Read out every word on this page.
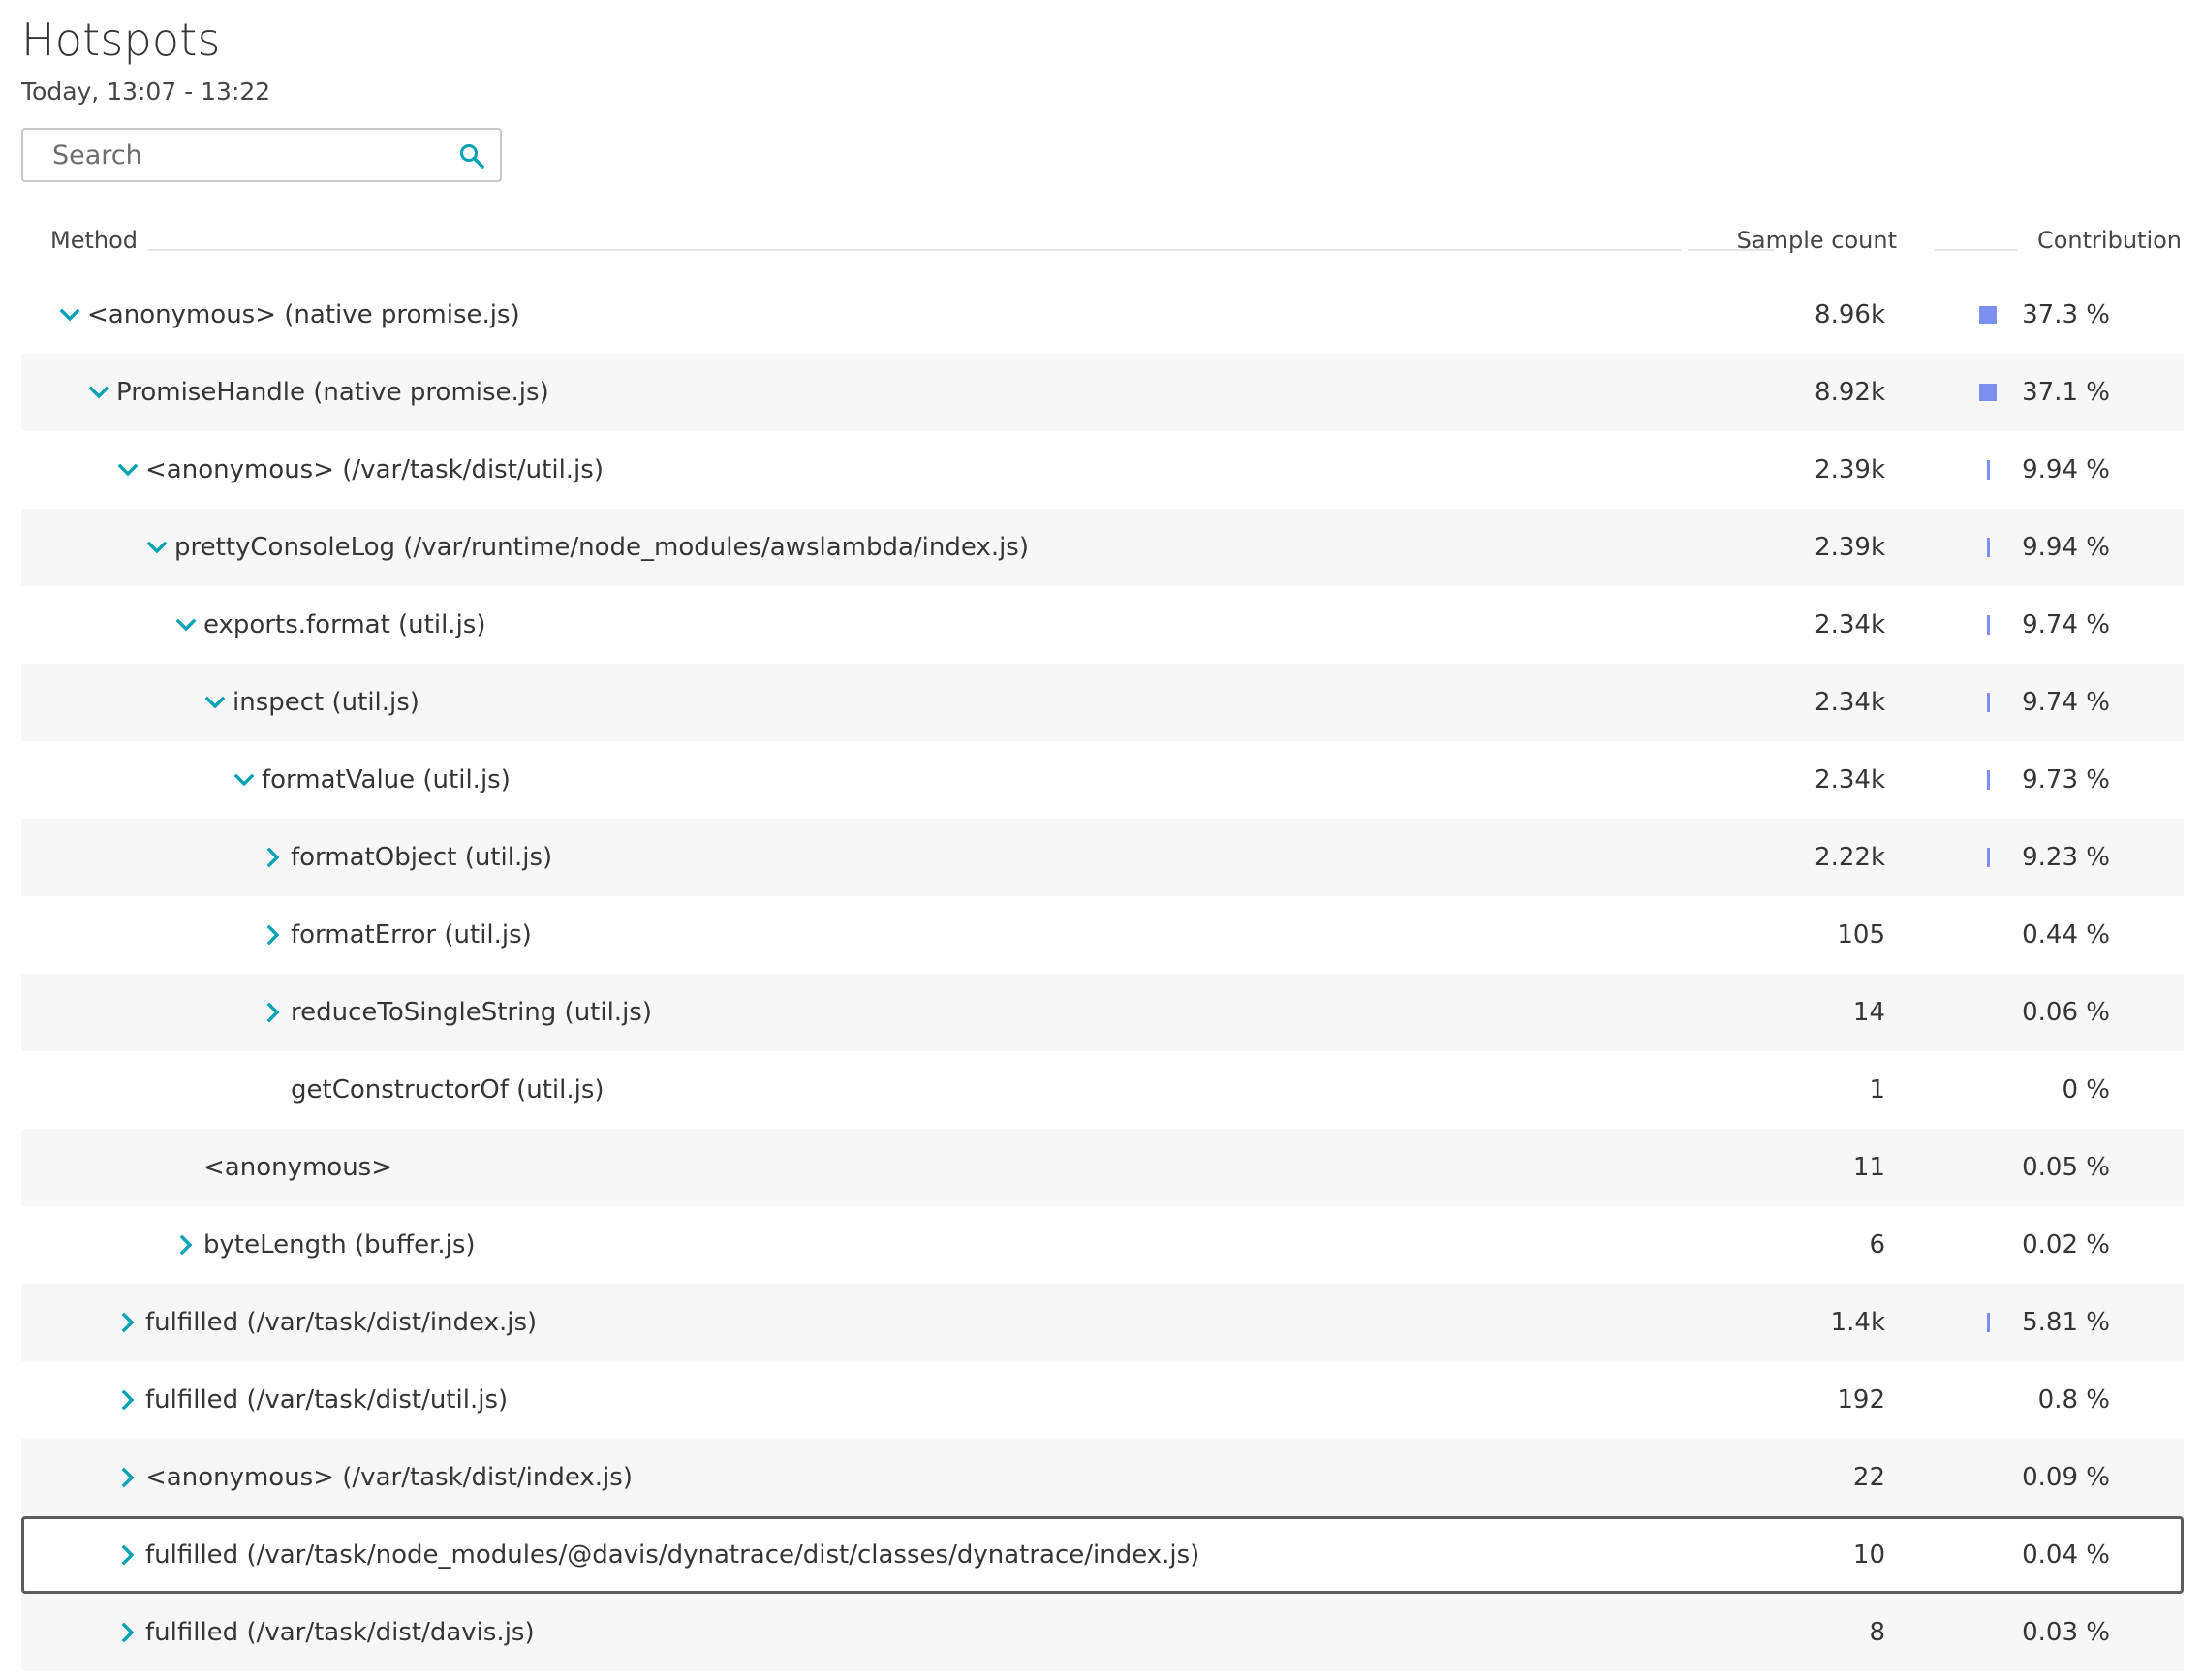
Hotspots
Today, 13:07 - 13:22
Search
Method	Sample count	Contribution
<anonymous> (native promise.js)	8.96k	37.3 %
PromiseHandle (native promise.js)	8.92k	37.1 %
<anonymous> (/var/task/dist/util.js)	2.39k	9.94 %
prettyConsoleLog (/var/runtime/node_modules/awslambda/index.js)	2.39k	9.94 %
exports.format (util.js)	2.34k	9.74 %
inspect (util.js)	2.34k	9.74 %
formatValue (util.js)	2.34k	9.73 %
formatObject (util.js)	2.22k	9.23 %
formatError (util.js)	105	0.44 %
reduceToSingleString (util.js)	14	0.06 %
getConstructorOf (util.js)	1	0 %
<anonymous>	11	0.05 %
byteLength (buffer.js)	6	0.02 %
fulfilled (/var/task/dist/index.js)	1.4k	5.81 %
fulfilled (/var/task/dist/util.js)	192	0.8 %
<anonymous> (/var/task/dist/index.js)	22	0.09 %
fulfilled (/var/task/node_modules/@davis/dynatrace/dist/classes/dynatrace/index.js)	10	0.04 %
fulfilled (/var/task/dist/davis.js)	8	0.03 %
